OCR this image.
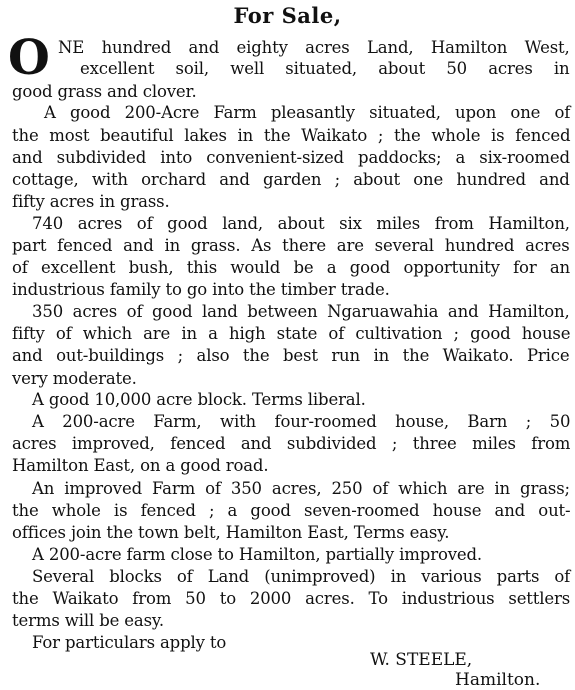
For Sale,
O NE hundred and eighty acres Land, Hamilton West,
excellent soil, well situated, about 50 acres in
good grass and clover.
A good 200-Acre Farm pleasantly situated, upon one of
the most beautiful lakes in the Waikato ; the whole is fenced
and subdivided into convenient-sized paddocks; a six-roomed
cottage, with orchard and garden ; about one hundred and
fifty acres in grass.
740 acres of good land, about six miles from Hamilton,
part fenced and in grass. As there are several hundred acres
of excellent bush, this would be a good opportunity for an
industrious family to go into the timber trade.
350 acres of good land between Ngaruawahia and Hamilton,
fifty of which are in a high state of cultivation ; good house
and out-buildings ; also the best run in the Waikato. Price
very moderate.
A good 10,000 acre block. Terms liberal.
A 200-acre Farm, with four-roomed house, Barn ; 50
acres improved, fenced and subdivided ; three miles from
Hamilton East, on a good road.
An improved Farm of 350 acres, 250 of which are in grass;
the whole is fenced ; a good seven-roomed house and out-
offices join the town belt, Hamilton East, Terms easy.
A 200-acre farm close to Hamilton, partially improved.
Several blocks of Land (unimproved) in various parts of
the Waikato from 50 to 2000 acres. To industrious settlers
terms will be easy.
For particulars apply to
W. STEELE,
Hamilton.
